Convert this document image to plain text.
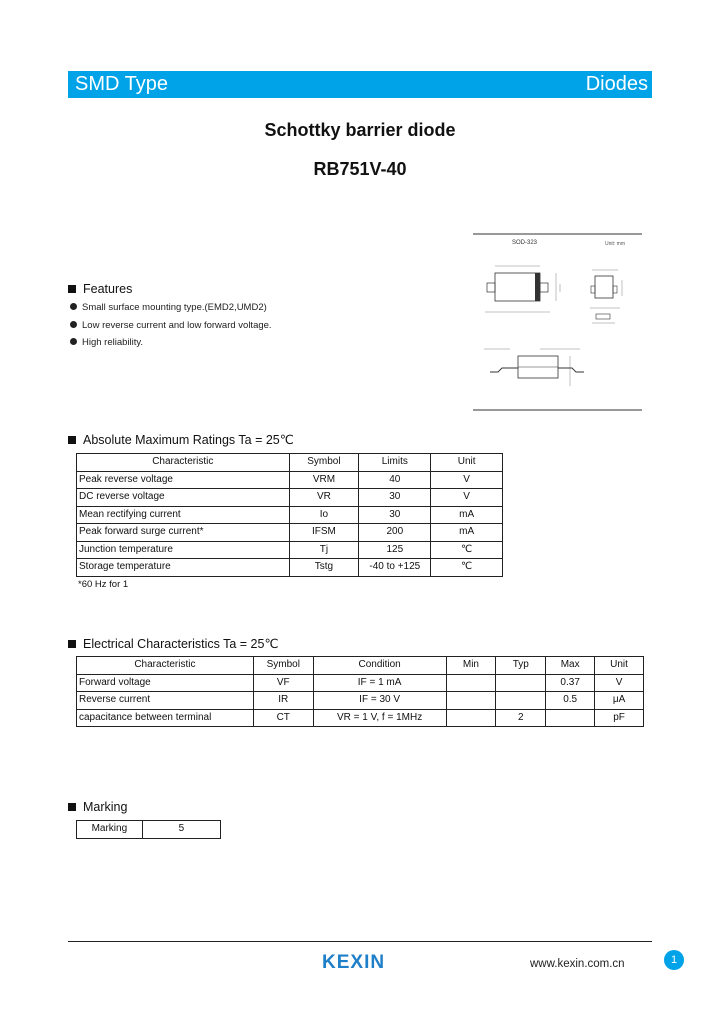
SMD Type	Diodes
Schottky barrier diode
RB751V-40
SOD-323	Unit: mm
Features
Small surface mounting type.(EMD2,UMD2)
Low reverse current and low forward voltage.
High reliability.
Absolute Maximum Ratings Ta = 25℃
Characteristic	Symbol	Limits	Unit
Peak reverse voltage	VRM	40	V
DC reverse voltage	VR	30	V
Mean rectifying current	Io	30	mA
Peak forward surge current*	IFSM	200	mA
Junction temperature	Tj	125	℃
Storage temperature	Tstg	-40 to +125	℃
*60 Hz for 1
Electrical Characteristics Ta = 25℃
Characteristic	Symbol	Condition	Min	Typ	Max	Unit
Forward voltage	VF	IF = 1 mA			0.37	V
Reverse current	IR	IF = 30 V			0.5	μA
capacitance between terminal	CT	VR = 1 V, f = 1MHz		2		pF
Marking
Marking	5
KEXIN	www.kexin.com.cn	1
